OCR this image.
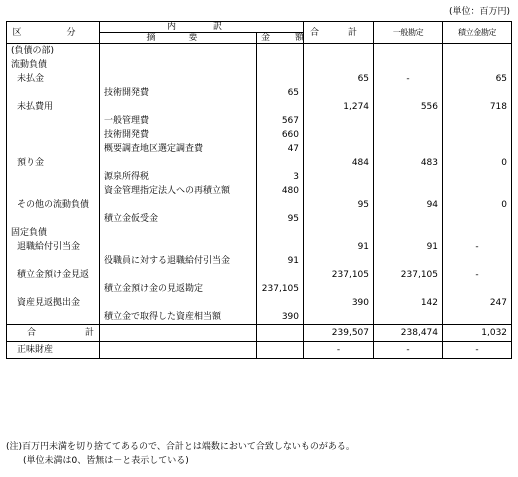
(単位：百万円)
区　分	内　訳		合　計	一般勘定	積立金勘定
	摘　要	金　額			
(負債の部)					
流動負債					
未払金			65	-	65
	技術開発費	65			
未払費用			1,274	556	718
	一般管理費	567			
	技術開発費	660			
	概要調査地区選定調査費	47			
預り金			484	483	0
	源泉所得税	3			
	資金管理指定法人への再積立額	480			
その他の流動負債			95	94	0
	積立金仮受金	95			
固定負債					
退職給付引当金			91	91	-
	役職員に対する退職給付引当金	91			
積立金預け金見返			237,105	237,105	-
	積立金預け金の見返勘定	237,105			
資産見返拠出金			390	142	247
	積立金で取得した資産相当額	390			
合　計			239,507	238,474	1,032
正味財産			-	-	-
(注)百万円未満を切り捨ててあるので、合計とは端数において合致しないものがある。
(単位未満は0、皆無は－と表示している)
